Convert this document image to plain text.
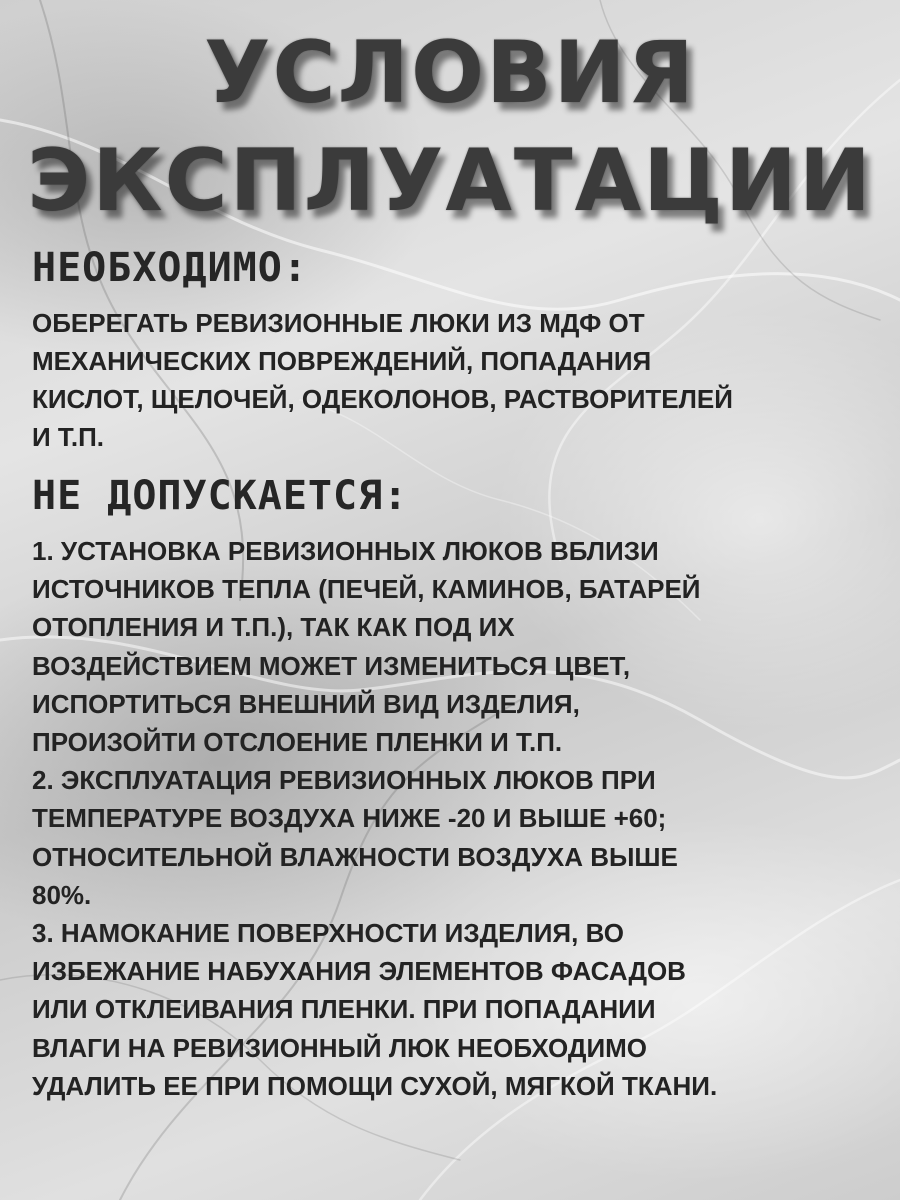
УСЛОВИЯ
ЭКСПЛУАТАЦИИ
НЕОБХОДИМО:
ОБЕРЕГАТЬ РЕВИЗИОННЫЕ ЛЮКИ ИЗ МДФ ОТ
МЕХАНИЧЕСКИХ ПОВРЕЖДЕНИЙ, ПОПАДАНИЯ
КИСЛОТ, ЩЕЛОЧЕЙ, ОДЕКОЛОНОВ, РАСТВОРИТЕЛЕЙ
И Т.П.
НЕ ДОПУСКАЕТСЯ:
1. УСТАНОВКА РЕВИЗИОННЫХ ЛЮКОВ ВБЛИЗИ
ИСТОЧНИКОВ ТЕПЛА (ПЕЧЕЙ, КАМИНОВ, БАТАРЕЙ
ОТОПЛЕНИЯ И Т.П.), ТАК КАК ПОД ИХ
ВОЗДЕЙСТВИЕМ МОЖЕТ ИЗМЕНИТЬСЯ ЦВЕТ,
ИСПОРТИТЬСЯ ВНЕШНИЙ ВИД ИЗДЕЛИЯ,
ПРОИЗОЙТИ ОТСЛОЕНИЕ ПЛЕНКИ И Т.П.
2. ЭКСПЛУАТАЦИЯ РЕВИЗИОННЫХ ЛЮКОВ ПРИ
ТЕМПЕРАТУРЕ ВОЗДУХА НИЖЕ -20 И ВЫШЕ +60;
ОТНОСИТЕЛЬНОЙ ВЛАЖНОСТИ ВОЗДУХА ВЫШЕ
80%.
3. НАМОКАНИЕ ПОВЕРХНОСТИ ИЗДЕЛИЯ, ВО
ИЗБЕЖАНИЕ НАБУХАНИЯ ЭЛЕМЕНТОВ ФАСАДОВ
ИЛИ ОТКЛЕИВАНИЯ ПЛЕНКИ. ПРИ ПОПАДАНИИ
ВЛАГИ НА РЕВИЗИОННЫЙ ЛЮК НЕОБХОДИМО
УДАЛИТЬ ЕЕ ПРИ ПОМОЩИ СУХОЙ, МЯГКОЙ ТКАНИ.
